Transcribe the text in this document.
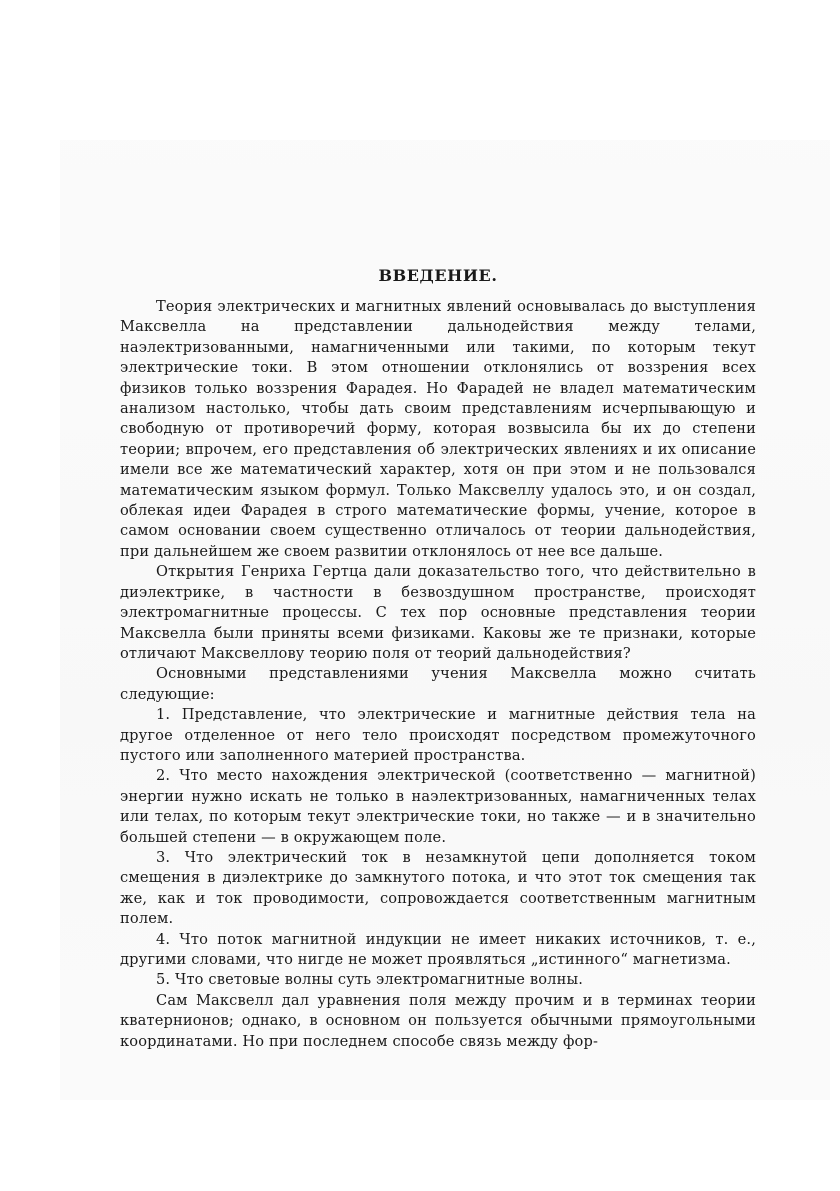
ВВЕДЕНИЕ.

Теория электрических и магнитных явлений основывалась до выступления Максвелла на представлении дальнодействия между телами, наэлектризованными, намагниченными или такими, по которым текут электрические токи. В этом отношении отклонялись от воззрения всех физиков только воззрения Фарадея. Но Фарадей не владел математическим анализом настолько, чтобы дать своим представлениям исчерпывающую и свободную от противоречий форму, которая возвысила бы их до степени теории; впрочем, его представления об электрических явлениях и их описание имели все же математический характер, хотя он при этом и не пользовался математическим языком формул. Только Максвеллу удалось это, и он создал, облекая идеи Фарадея в строго математические формы, учение, которое в самом основании своем существенно отличалось от теории дальнодействия, при дальнейшем же своем развитии отклонялось от нее все дальше.

Открытия Генриха Гертца дали доказательство того, что действительно в диэлектрике, в частности в безвоздушном пространстве, происходят электромагнитные процессы. С тех пор основные представления теории Максвелла были приняты всеми физиками. Каковы же те признаки, которые отличают Максвеллову теорию поля от теорий дальнодействия?

Основными представлениями учения Максвелла можно считать следующие:

1. Представление, что электрические и магнитные действия тела на другое отделенное от него тело происходят посредством промежуточного пустого или заполненного материей пространства.

2. Что место нахождения электрической (соответственно — магнитной) энергии нужно искать не только в наэлектризованных, намагниченных телах или телах, по которым текут электрические токи, но также — и в значительно большей степени — в окружающем поле.

3. Что электрический ток в незамкнутой цепи дополняется током смещения в диэлектрике до замкнутого потока, и что этот ток смещения так же, как и ток проводимости, сопровождается соответственным магнитным полем.

4. Что поток магнитной индукции не имеет никаких источников, т. е., другими словами, что нигде не может проявляться „истинного“ магнетизма.

5. Что световые волны суть электромагнитные волны.

Сам Максвелл дал уравнения поля между прочим и в терминах теории кватернионов; однако, в основном он пользуется обычными прямоугольными координатами. Но при последнем способе связь между фор-
